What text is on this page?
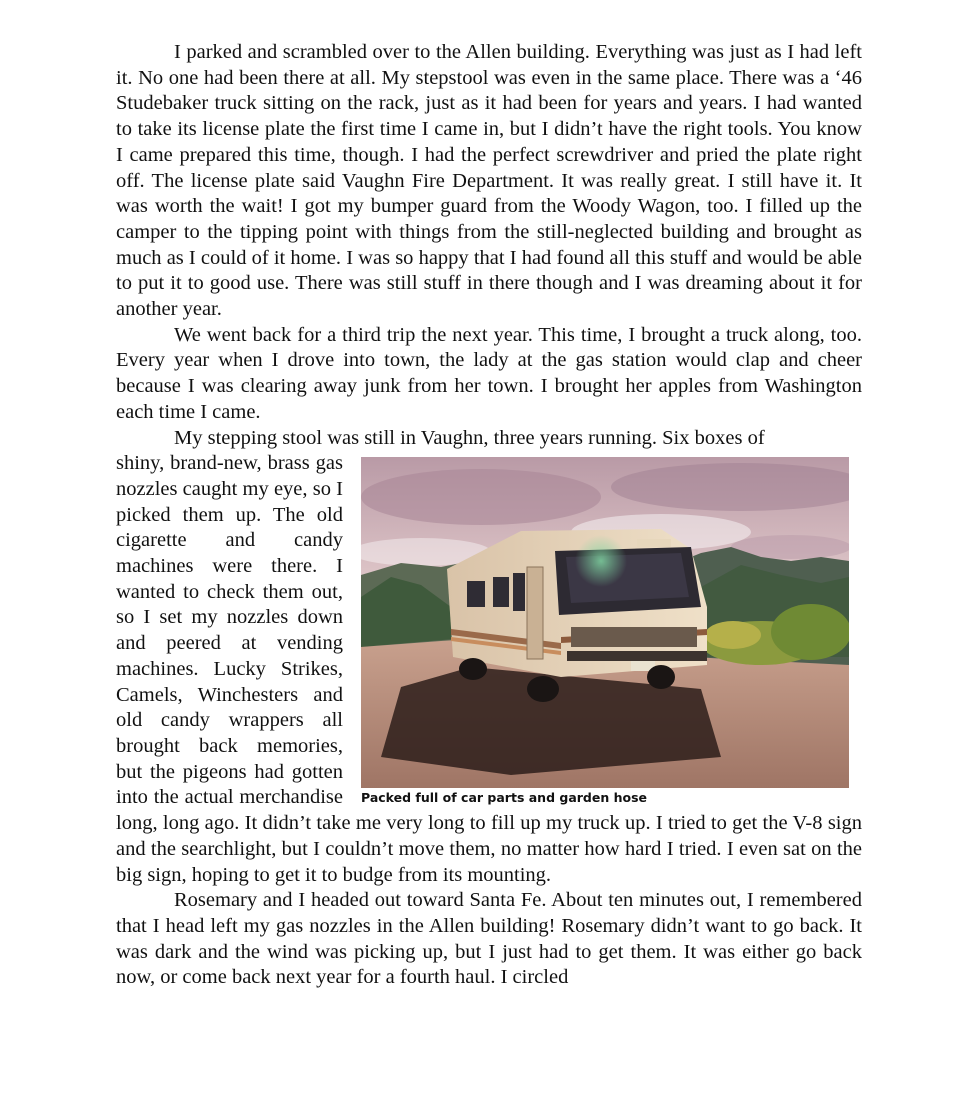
I parked and scrambled over to the Allen building. Everything was just as I had left it. No one had been there at all. My stepstool was even in the same place. There was a ‘46 Studebaker truck sitting on the rack, just as it had been for years and years. I had wanted to take its license plate the first time I came in, but I didn’t have the right tools. You know I came prepared this time, though. I had the perfect screwdriver and pried the plate right off. The license plate said Vaughn Fire Department. It was really great. I still have it. It was worth the wait! I got my bumper guard from the Woody Wagon, too. I filled up the camper to the tipping point with things from the still-neglected building and brought as much as I could of it home. I was so happy that I had found all this stuff and would be able to put it to good use. There was still stuff in there though and I was dreaming about it for another year.

We went back for a third trip the next year. This time, I brought a truck along, too. Every year when I drove into town, the lady at the gas station would clap and cheer because I was clearing away junk from her town. I brought her apples from Washington each time I came.

My stepping stool was still in Vaughn, three years running. Six boxes of

Packed full of car parts and garden hose

shiny, brand-new, brass gas nozzles caught my eye, so I picked them up. The old cigarette and candy machines were there. I wanted to check them out, so I set my nozzles down and peered at vending machines. Lucky Strikes, Camels, Winchesters and old candy wrappers all brought back memories, but the pigeons had gotten into the actual merchandise long, long ago. It didn’t take me very long to fill up my truck up. I tried to get the V-8 sign and the searchlight, but I couldn’t move them, no matter how hard I tried. I even sat on the big sign, hoping to get it to budge from its mounting.

Rosemary and I headed out toward Santa Fe. About ten minutes out, I remembered that I head left my gas nozzles in the Allen building! Rosemary didn’t want to go back. It was dark and the wind was picking up, but I just had to get them. It was either go back now, or come back next year for a fourth haul. I circled
